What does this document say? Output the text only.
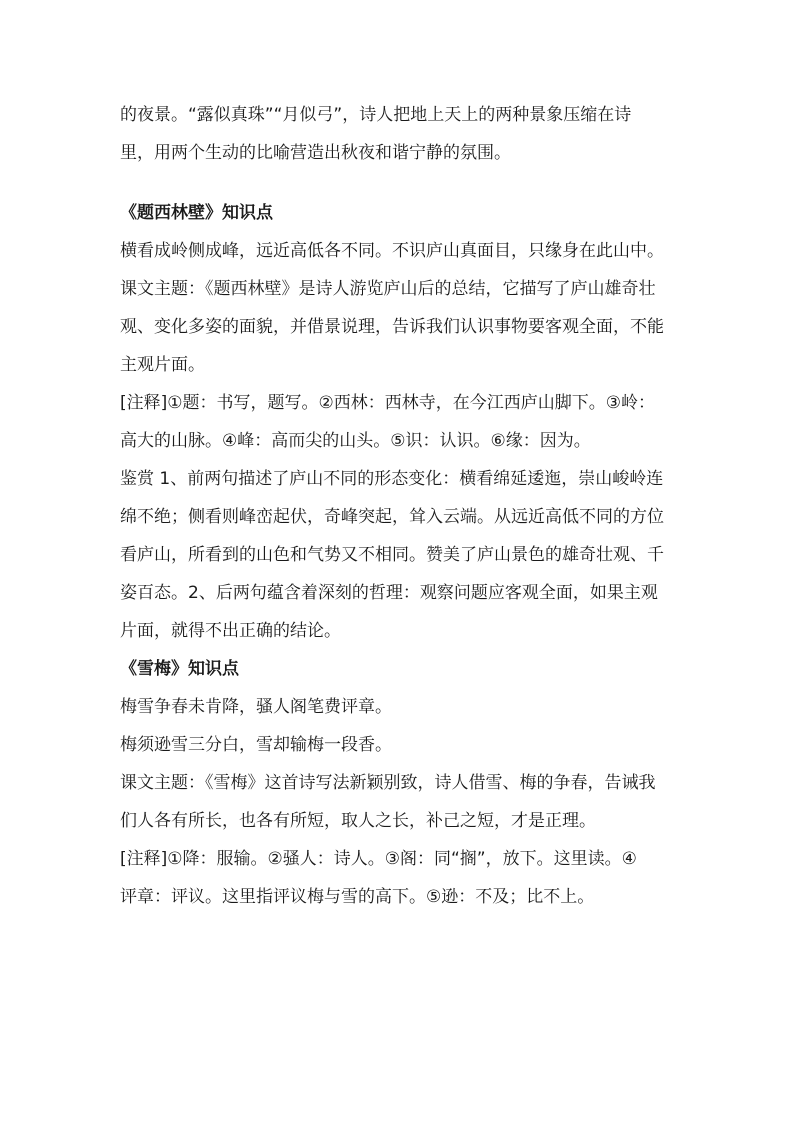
的夜景。“露似真珠”“月似弓”，诗人把地上天上的两种景象压缩在诗

里，用两个生动的比喻营造出秋夜和谐宁静的氛围。

《题西林壁》知识点

横看成岭侧成峰，远近高低各不同。不识庐山真面目，只缘身在此山中。

课文主题：《题西林壁》是诗人游览庐山后的总结，它描写了庐山雄奇壮

观、变化多姿的面貌，并借景说理，告诉我们认识事物要客观全面，不能

主观片面。

[注释]①题：书写，题写。②西林：西林寺，在今江西庐山脚下。③岭：

高大的山脉。④峰：高而尖的山头。⑤识：认识。⑥缘：因为。

鉴赏 1、前两句描述了庐山不同的形态变化：横看绵延逶迤，崇山峻岭连

绵不绝；侧看则峰峦起伏，奇峰突起，耸入云端。从远近高低不同的方位

看庐山，所看到的山色和气势又不相同。赞美了庐山景色的雄奇壮观、千

姿百态。2、后两句蕴含着深刻的哲理：观察问题应客观全面，如果主观

片面，就得不出正确的结论。

《雪梅》知识点

梅雪争春未肯降，骚人阁笔费评章。

梅须逊雪三分白，雪却输梅一段香。

课文主题：《雪梅》这首诗写法新颖别致，诗人借雪、梅的争春，告诫我

们人各有所长，也各有所短，取人之长，补己之短，才是正理。

[注释]①降：服输。②骚人：诗人。③阁：同“搁”，放下。这里读。④

评章：评议。这里指评议梅与雪的高下。⑤逊：不及；比不上。
